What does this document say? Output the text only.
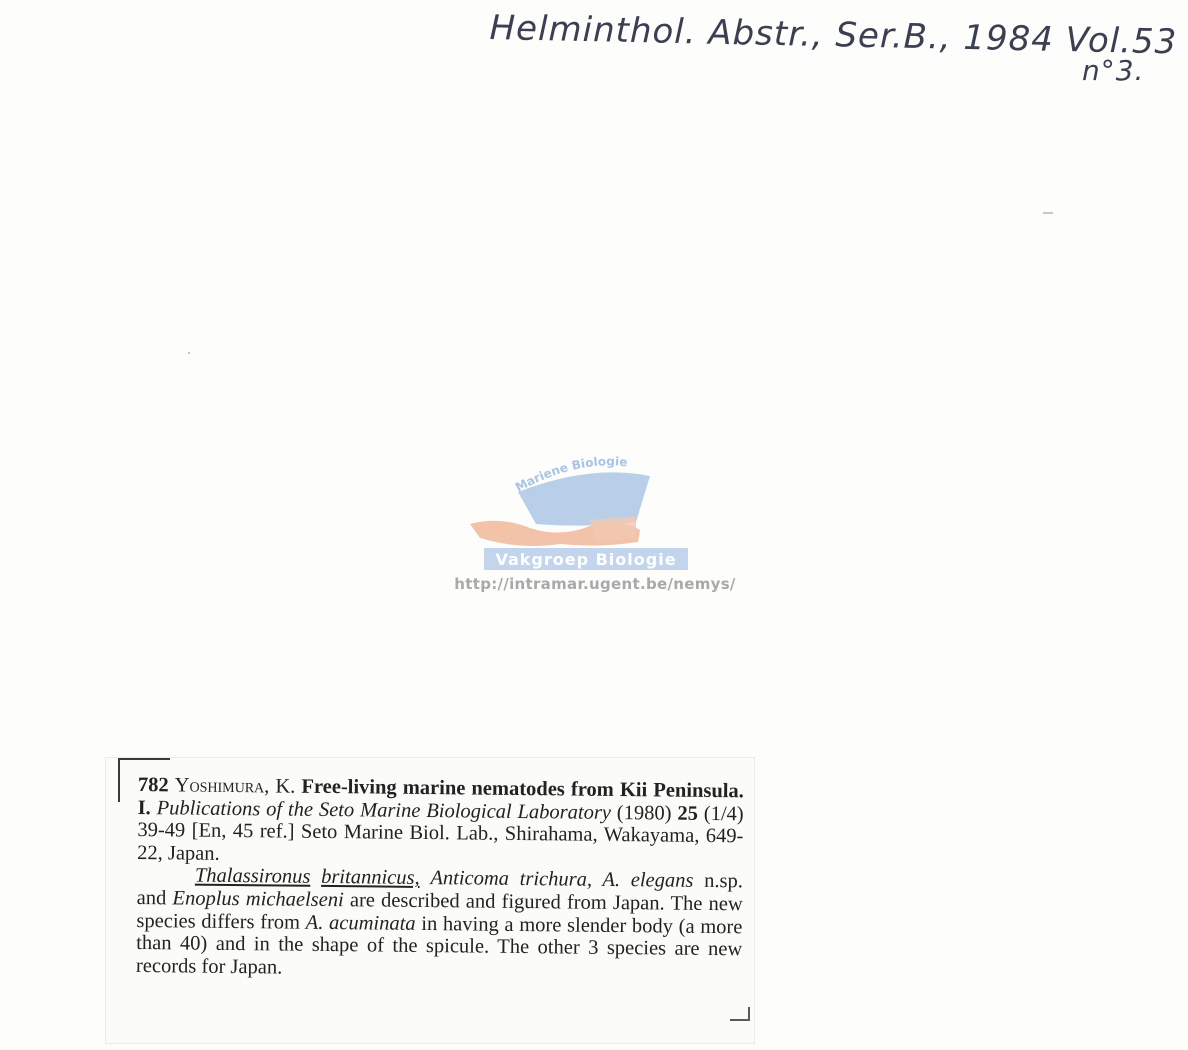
Helminthol. Abstr., Ser.B., 1984 Vol.53
n°3.
Mariene Biologie
Vakgroep Biologie
http://intramar.ugent.be/nemys/

782 Yoshimura, K. Free-living marine nematodes from Kii Peninsula. I. Publications of the Seto Marine Biological Laboratory (1980) 25 (1/4) 39-49 [En, 45 ref.] Seto Marine Biol. Lab., Shirahama, Wakayama, 649-22, Japan.

Thalassironus britannicus, Anticoma trichura, A. elegans n.sp. and Enoplus michaelseni are described and figured from Japan. The new species differs from A. acuminata in having a more slender body (a more than 40) and in the shape of the spicule. The other 3 species are new records for Japan.
